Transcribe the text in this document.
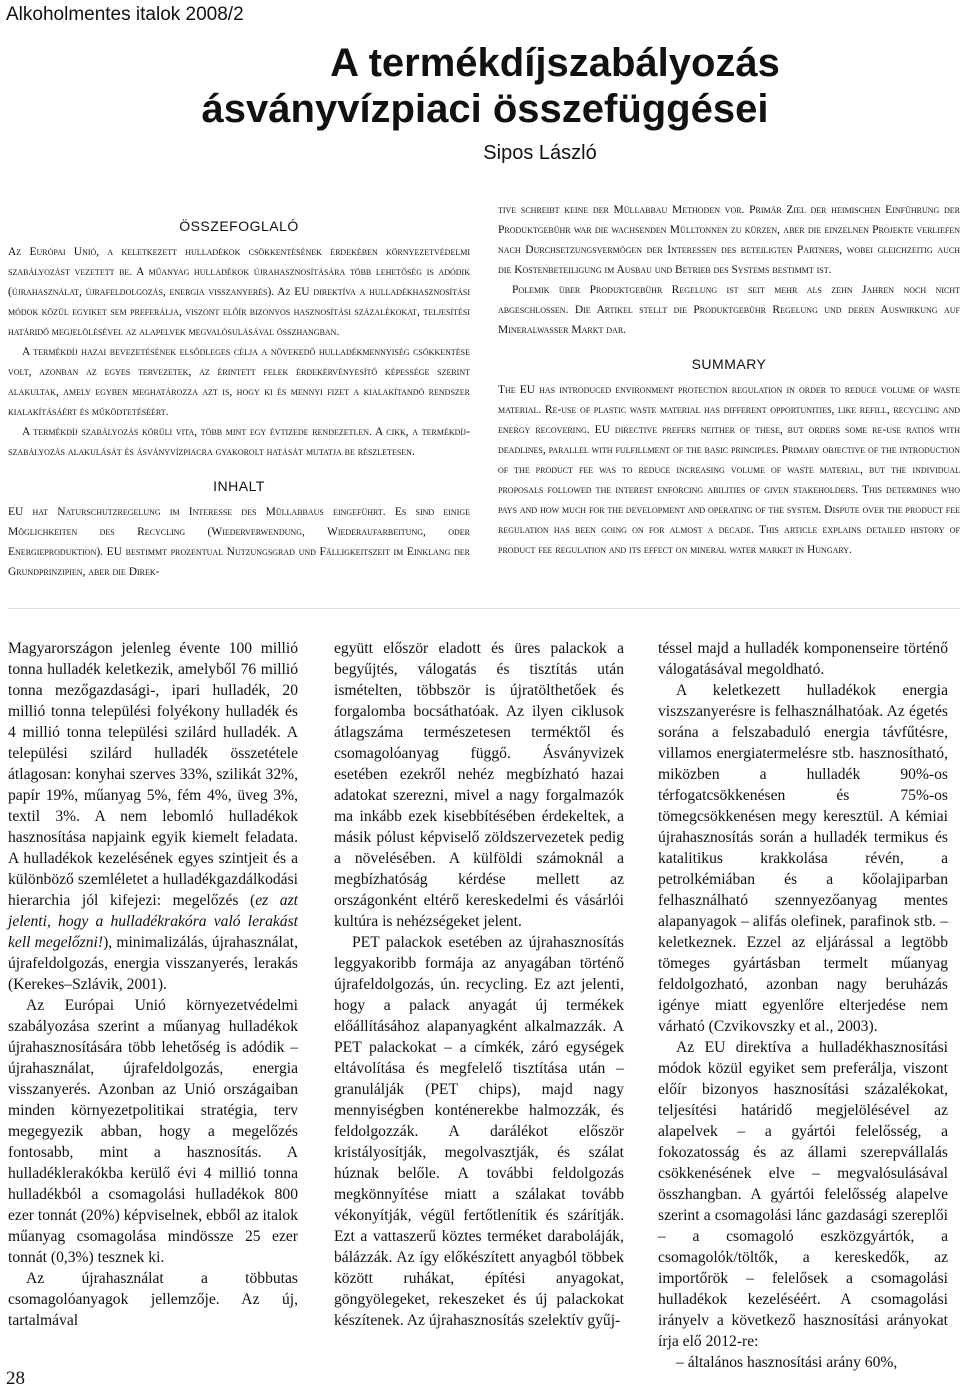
Alkoholmentes italok 2008/2
A termékdíjszabályozás
ásványvízpiaci összefüggései
Sipos László
ÖSSZEFOGLALÓ

Az Európai Unió, a keletkezett hulladékok csökkentésének érdekében környezetvédelmi szabályozást vezetett be. A műanyag hulladékok újrahasznosítására több lehetőség is adódik (újrahasználat, újrafeldolgozás, energia visszanyerés). Az EU direktíva a hulladékhasznosítási módok közül egyiket sem preferálja, viszont előír bizonyos hasznosítási százalékokat, teljesítési határidő megjelölésével az alapelvek megvalósulásával összhangban.

A termékdíj hazai bevezetésének elsődleges célja a növekedő hulladékmennyiség csökkentése volt, azonban az egyes tervezetek, az érintett felek érdekérvényesítő képessége szerint alakultak, amely egyben meghatározza azt is, hogy ki és mennyi fizet a kialakítandó rendszer kialakításáért és működtetéséért.

A termékdíj szabályozás körüli vita, több mint egy évtizede rendezetlen. A cikk, a termékdíj-szabályozás alakulását és ásványvízpiacra gyakorolt hatását mutatja be részletesen.

INHALT

EU hat Naturschutzregelung im Interesse des Müllabbaus eingeführt. Es sind einige Möglichkeiten des Recycling (Wiederverwendung, Wiederaufarbeitung, oder Energieproduktion). EU bestimmt prozentual Nutzungsgrad und Fälligkeitszeit im Einklang der Grundprinzipien, aber die Direk-

tive schreibt keine der Müllabbau Methoden vor. Primär Ziel der heimischen Einführung der Produktgebühr war die wachsenden Mülltonnen zu kürzen, aber die einzelnen Projekte verliefen nach Durchsetzungsvermögen der Interessen des beteiligten Partners, wobei gleichzeitig auch die Kostenbeteiligung im Ausbau und Betrieb des Systems bestimmt ist.

Polemik über Produktgebühr Regelung ist seit mehr als zehn Jahren noch nicht abgeschlossen. Die Artikel stellt die Produktgebühr Regelung und deren Auswirkung auf Mineralwasser Markt dar.

SUMMARY

The EU has introduced environment protection regulation in order to reduce volume of waste material. Re-use of plastic waste material has different opportunities, like refill, recycling and energy recovering. EU directive prefers neither of these, but orders some re-use ratios with deadlines, parallel with fulfillment of the basic principles. Primary objective of the introduction of the product fee was to reduce increasing volume of waste material, but the individual proposals followed the interest enforcing abilities of given stakeholders. This determines who pays and how much for the development and operating of the system. Dispute over the product fee regulation has been going on for almost a decade. This article explains detailed history of product fee regulation and its effect on mineral water market in Hungary.

Magyarországon jelenleg évente 100 millió tonna hulladék keletkezik, amelyből 76 millió tonna mezőgazdasági-, ipari hulladék, 20 millió tonna települési folyékony hulladék és 4 millió tonna települési szilárd hulladék. A települési szilárd hulladék összetétele átlagosan: konyhai szerves 33%, szilikát 32%, papír 19%, műanyag 5%, fém 4%, üveg 3%, textil 3%. A nem lebomló hulladékok hasznosítása napjaink egyik kiemelt feladata. A hulladékok kezelésének egyes szintjeit és a különböző szemléletet a hulladékgazdálkodási hierarchia jól kifejezi: megelőzés (ez azt jelenti, hogy a hulladékrakóra való lerakást kell megelőzni!), minimalizálás, újrahasználat, újrafeldolgozás, energia visszanyerés, lerakás (Kerekes‒Szlávik, 2001).

Az Európai Unió környezetvédelmi szabályozása szerint a műanyag hulladékok újrahasznosítására több lehetőség is adódik ‒ újrahasználat, újrafeldolgozás, energia visszanyerés. Azonban az Unió országaiban minden környezetpolitikai stratégia, terv megegyezik abban, hogy a megelőzés fontosabb, mint a hasznosítás. A hulladéklerakókba kerülő évi 4 millió tonna hulladékból a csomagolási hulladékok 800 ezer tonnát (20%) képviselnek, ebből az italok műanyag csomagolása mindössze 25 ezer tonnát (0,3%) tesznek ki.

Az újrahasználat a többutas csomagolóanyagok jellemzője. Az új, tartalmával

együtt először eladott és üres palackok a begyűjtés, válogatás és tisztítás után ismételten, többször is újratölthetőek és forgalomba bocsáthatóak. Az ilyen ciklusok átlagszáma természetesen terméktől és csomagolóanyag függő. Ásványvizek esetében ezekről nehéz megbízható hazai adatokat szerezni, mivel a nagy forgalmazók ma inkább ezek kisebbítésében érdekeltek, a másik pólust képviselő zöldszervezetek pedig a növelésében. A külföldi számoknál a megbízhatóság kérdése mellett az országonként eltérő kereskedelmi és vásárlói kultúra is nehézségeket jelent.

PET palackok esetében az újrahasznosítás leggyakoribb formája az anyagában történő újrafeldolgozás, ún. recycling. Ez azt jelenti, hogy a palack anyagát új termékek előállításához alapanyagként alkalmazzák. A PET palackokat ‒ a címkék, záró egységek eltávolítása és megfelelő tisztítása után ‒ granulálják (PET chips), majd nagy mennyiségben konténerekbe halmozzák, és feldolgozzák. A darálékot először kristályosítják, megolvasztják, és szálat húznak belőle. A további feldolgozás megkönnyítése miatt a szálakat tovább vékonyítják, végül fertőtlenítik és szárítják. Ezt a vattaszerű köztes terméket daraboláják, bálázzák. Az így előkészített anyagból többek között ruhákat, építési anyagokat, göngyölegeket, rekeszeket és új palackokat készítenek. Az újrahasznosítás szelektív gyűj-

téssel majd a hulladék komponenseire történő válogatásával megoldható.

A keletkezett hulladékok energia viszszanyerésre is felhasználhatóak. Az égetés sorána a felszabaduló energia távfűtésre, villamos energiatermelésre stb. hasznosítható, miközben a hulladék 90%-os térfogatcsökkenésen és 75%-os tömegcsökkenésen megy keresztül. A kémiai újrahasznosítás során a hulladék termikus és katalitikus krakkolása révén, a petrolkémiában és a kőolajiparban felhasználható szennyezőanyag mentes alapanyagok ‒ alifás olefinek, parafinok stb. ‒ keletkeznek. Ezzel az eljárással a legtöbb tömeges gyártásban termelt műanyag feldolgozható, azonban nagy beruházás igénye miatt egyenlőre elterjedése nem várható (Czvikovszky et al., 2003).

Az EU direktíva a hulladékhasznosítási módok közül egyiket sem preferálja, viszont előír bizonyos hasznosítási százalékokat, teljesítési határidő megjelölésével az alapelvek ‒ a gyártói felelősség, a fokozatosság és az állami szerepvállalás csökkenésének elve ‒ megvalósulásával összhangban. A gyártói felelősség alapelve szerint a csomagolási lánc gazdasági szereplői ‒ a csomagoló eszközgyártók, a csomagolók/töltők, a kereskedők, az importőrök ‒ felelősek a csomagolási hulladékok kezeléséért. A csomagolási irányelv a következő hasznosítási arányokat írja elő 2012-re:

‒ általános hasznosítási arány 60%,

28
